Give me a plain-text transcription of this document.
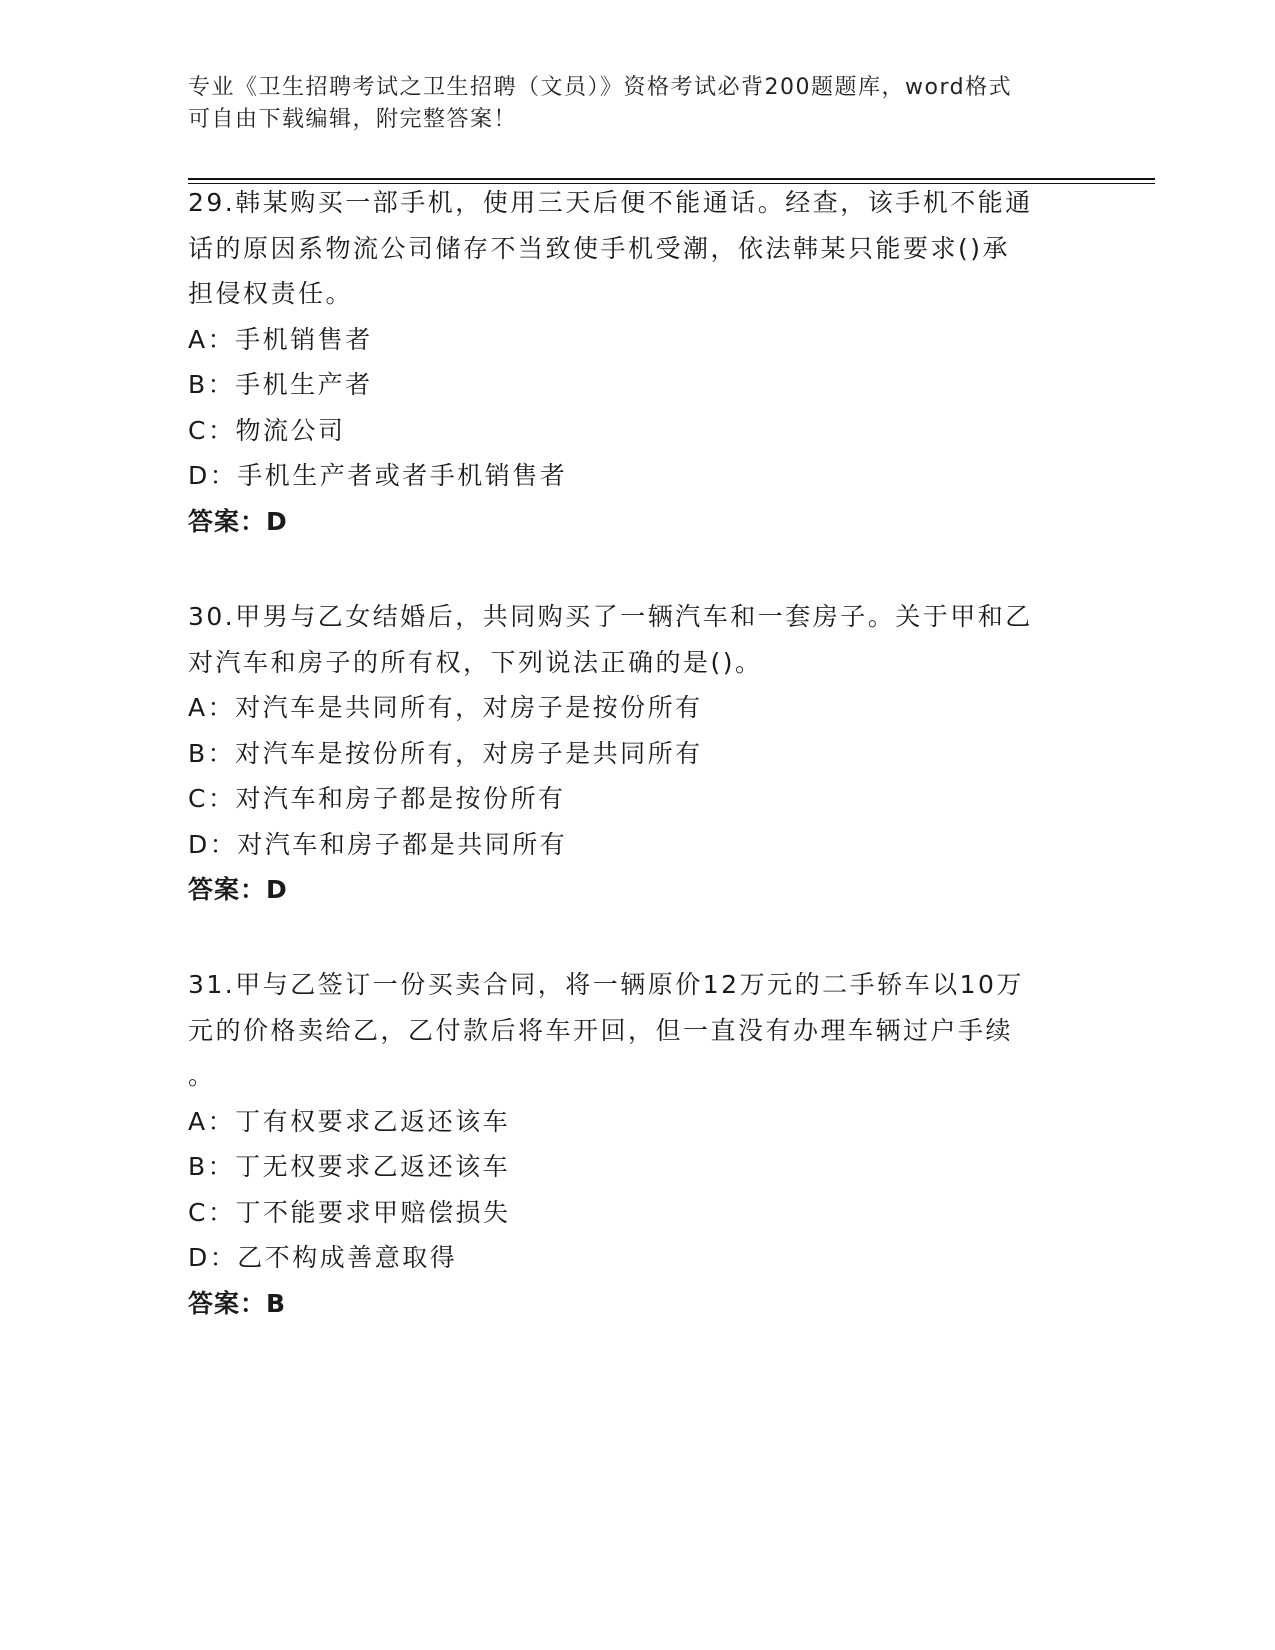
专业《卫生招聘考试之卫生招聘（文员）》资格考试必背200题题库，word格式
可自由下载编辑，附完整答案！
29.韩某购买一部手机，使用三天后便不能通话。经查，该手机不能通
话的原因系物流公司储存不当致使手机受潮，依法韩某只能要求()承
担侵权责任。
A：手机销售者
B：手机生产者
C：物流公司
D：手机生产者或者手机销售者
答案：D
30.甲男与乙女结婚后，共同购买了一辆汽车和一套房子。关于甲和乙
对汽车和房子的所有权，下列说法正确的是()。
A：对汽车是共同所有，对房子是按份所有
B：对汽车是按份所有，对房子是共同所有
C：对汽车和房子都是按份所有
D：对汽车和房子都是共同所有
答案：D
31.甲与乙签订一份买卖合同，将一辆原价12万元的二手轿车以10万
元的价格卖给乙，乙付款后将车开回，但一直没有办理车辆过户手续
。
A：丁有权要求乙返还该车
B：丁无权要求乙返还该车
C：丁不能要求甲赔偿损失
D：乙不构成善意取得
答案：B
